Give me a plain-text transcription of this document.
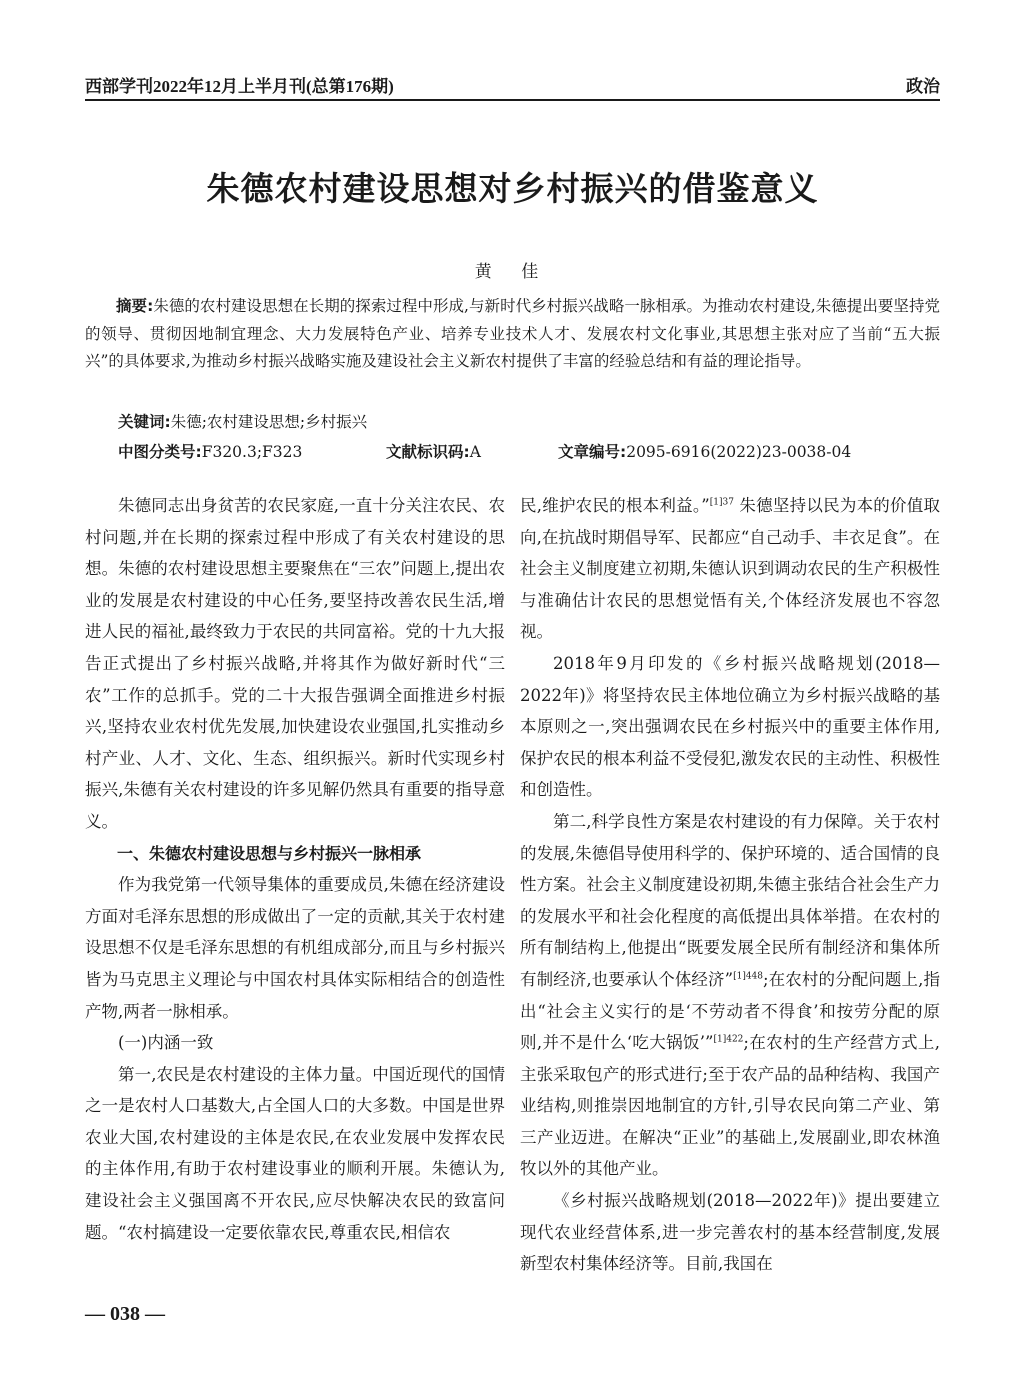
西部学刊2022年12月上半月刊(总第176期)	政治
朱德农村建设思想对乡村振兴的借鉴意义
黄 佳
摘要:朱德的农村建设思想在长期的探索过程中形成,与新时代乡村振兴战略一脉相承。为推动农村建设,朱德提出要坚持党的领导、贯彻因地制宜理念、大力发展特色产业、培养专业技术人才、发展农村文化事业,其思想主张对应了当前“五大振兴”的具体要求,为推动乡村振兴战略实施及建设社会主义新农村提供了丰富的经验总结和有益的理论指导。
关键词:朱德;农村建设思想;乡村振兴
中图分类号:F320.3;F323	文献标识码:A	文章编号:2095-6916(2022)23-0038-04

朱德同志出身贫苦的农民家庭,一直十分关注农民、农村问题,并在长期的探索过程中形成了有关农村建设的思想。朱德的农村建设思想主要聚焦在“三农”问题上,提出农业的发展是农村建设的中心任务,要坚持改善农民生活,增进人民的福祉,最终致力于农民的共同富裕。党的十九大报告正式提出了乡村振兴战略,并将其作为做好新时代“三农”工作的总抓手。党的二十大报告强调全面推进乡村振兴,坚持农业农村优先发展,加快建设农业强国,扎实推动乡村产业、人才、文化、生态、组织振兴。新时代实现乡村振兴,朱德有关农村建设的许多见解仍然具有重要的指导意义。

一、朱德农村建设思想与乡村振兴一脉相承

作为我党第一代领导集体的重要成员,朱德在经济建设方面对毛泽东思想的形成做出了一定的贡献,其关于农村建设思想不仅是毛泽东思想的有机组成部分,而且与乡村振兴皆为马克思主义理论与中国农村具体实际相结合的创造性产物,两者一脉相承。

(一)内涵一致

第一,农民是农村建设的主体力量。中国近现代的国情之一是农村人口基数大,占全国人口的大多数。中国是世界农业大国,农村建设的主体是农民,在农业发展中发挥农民的主体作用,有助于农村建设事业的顺利开展。朱德认为,建设社会主义强国离不开农民,应尽快解决农民的致富问题。“农村搞建设一定要依靠农民,尊重农民,相信农

民,维护农民的根本利益。”$^{[1]37}$ 朱德坚持以民为本的价值取向,在抗战时期倡导军、民都应“自己动手、丰衣足食”。在社会主义制度建立初期,朱德认识到调动农民的生产积极性与准确估计农民的思想觉悟有关,个体经济发展也不容忽视。

2018年9月印发的《乡村振兴战略规划(2018—2022年)》将坚持农民主体地位确立为乡村振兴战略的基本原则之一,突出强调农民在乡村振兴中的重要主体作用,保护农民的根本利益不受侵犯,激发农民的主动性、积极性和创造性。

第二,科学良性方案是农村建设的有力保障。关于农村的发展,朱德倡导使用科学的、保护环境的、适合国情的良性方案。社会主义制度建设初期,朱德主张结合社会生产力的发展水平和社会化程度的高低提出具体举措。在农村的所有制结构上,他提出“既要发展全民所有制经济和集体所有制经济,也要承认个体经济”$^{[1]448}$;在农村的分配问题上,指出“社会主义实行的是‘不劳动者不得食’和按劳分配的原则,并不是什么‘吃大锅饭’”$^{[1]422}$;在农村的生产经营方式上,主张采取包产的形式进行;至于农产品的品种结构、我国产业结构,则推崇因地制宜的方针,引导农民向第二产业、第三产业迈进。在解决“正业”的基础上,发展副业,即农林渔牧以外的其他产业。

《乡村振兴战略规划(2018—2022年)》提出要建立现代农业经营体系,进一步完善农村的基本经营制度,发展新型农村集体经济等。目前,我国在

— 038 —
